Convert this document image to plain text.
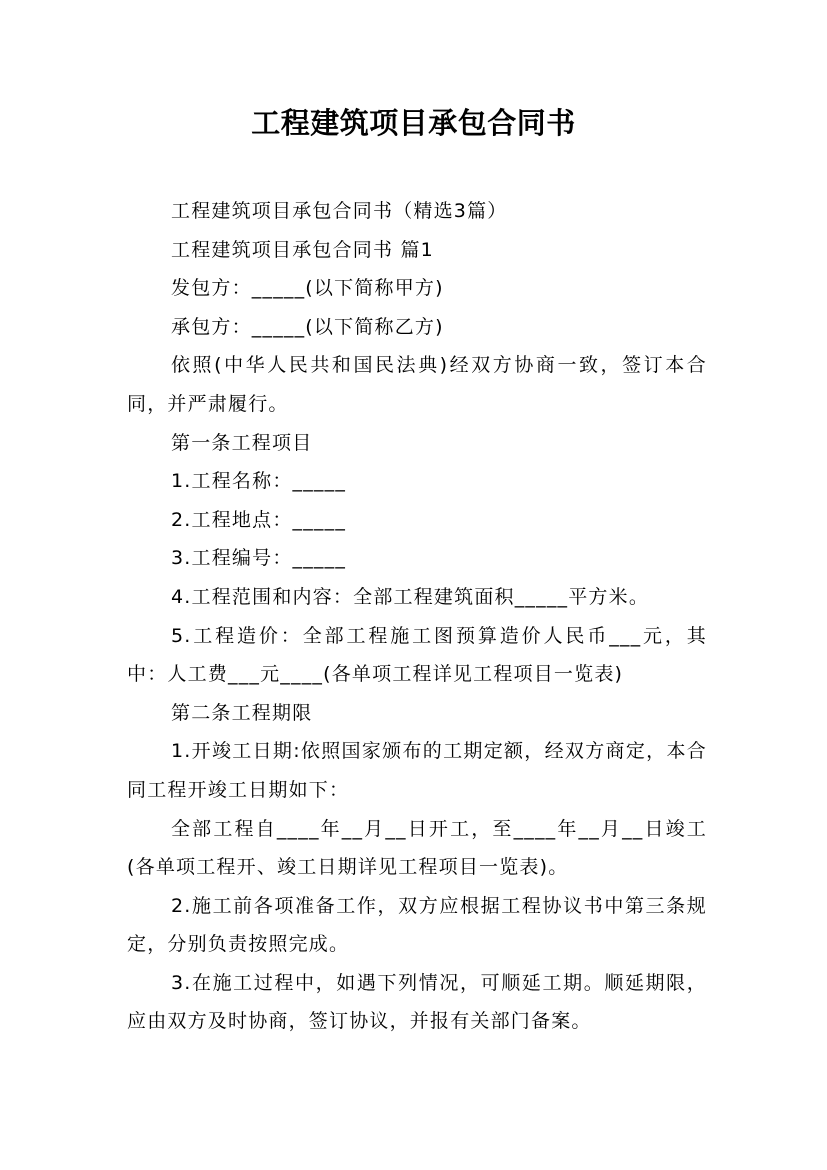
工程建筑项目承包合同书

工程建筑项目承包合同书（精选3篇）

工程建筑项目承包合同书 篇1

发包方：_____(以下简称甲方)

承包方：_____(以下简称乙方)

依照(中华人民共和国民法典)经双方协商一致，签订本合同，并严肃履行。

第一条工程项目

1.工程名称：_____

2.工程地点：_____

3.工程编号：_____

4.工程范围和内容：全部工程建筑面积_____平方米。

5.工程造价：全部工程施工图预算造价人民币___元，其中：人工费___元____(各单项工程详见工程项目一览表)

第二条工程期限

1.开竣工日期:依照国家颁布的工期定额，经双方商定，本合同工程开竣工日期如下：

全部工程自____年__月__日开工，至____年__月__日竣工(各单项工程开、竣工日期详见工程项目一览表)。

2.施工前各项准备工作，双方应根据工程协议书中第三条规定，分别负责按照完成。

3.在施工过程中，如遇下列情况，可顺延工期。顺延期限，应由双方及时协商，签订协议，并报有关部门备案。
